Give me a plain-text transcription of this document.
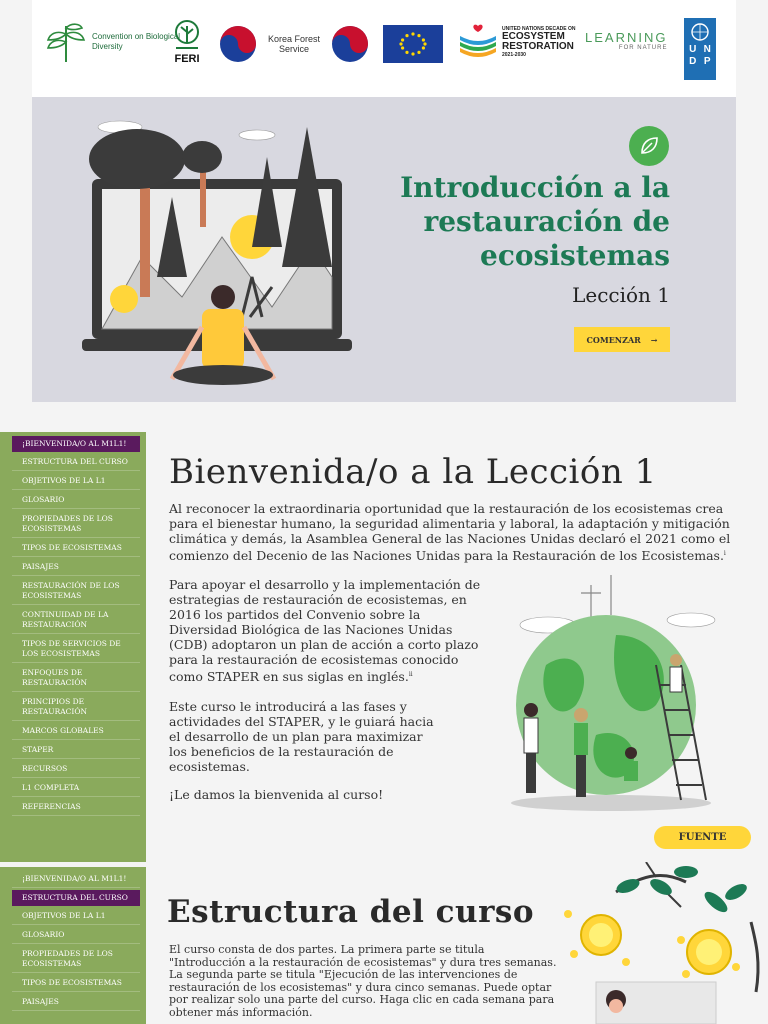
Convention on Biological Diversity
FERI
Korea Forest Service
UNITED NATIONS DECADE ON
ECOSYSTEM
RESTORATION
2021-2030
LEARNING
FOR NATURE	U N
D P
Introducción a la restauración de ecosistemas
Lección 1
COMENZAR →
¡BIENVENIDA/O AL M1L1!
ESTRUCTURA DEL CURSO
OBJETIVOS DE LA L1
GLOSARIO
PROPIEDADES DE LOS ECOSISTEMAS
TIPOS DE ECOSISTEMAS
PAISAJES
RESTAURACIÓN DE LOS ECOSISTEMAS
CONTINUIDAD DE LA RESTAURACIÓN
TIPOS DE SERVICIOS DE LOS ECOSISTEMAS
ENFOQUES DE RESTAURACIÓN
PRINCIPIOS DE RESTAURACIÓN
MARCOS GLOBALES
STAPER
RECURSOS
L1 COMPLETA
REFERENCIAS
Bienvenida/o a la Lección 1

Al reconocer la extraordinaria oportunidad que la restauración de los ecosistemas crea para el bienestar humano, la seguridad alimentaria y laboral, la adaptación y mitigación climática y demás, la Asamblea General de las Naciones Unidas declaró el 2021 como el comienzo del Decenio de las Naciones Unidas para la Restauración de los Ecosistemas.$^i$

Para apoyar el desarrollo y la implementación de estrategias de restauración de ecosistemas, en 2016 los partidos del Convenio sobre la Diversidad Biológica de las Naciones Unidas (CDB) adoptaron un plan de acción a corto plazo para la restauración de ecosistemas conocido como STAPER en sus siglas en inglés.$^{ii}$

Este curso le introducirá a las fases y actividades del STAPER, y le guiará hacia el desarrollo de un plan para maximizar los beneficios de la restauración de ecosistemas.

¡Le damos la bienvenida al curso!

FUENTE
¡BIENVENIDA/O AL M1L1!
ESTRUCTURA DEL CURSO
OBJETIVOS DE LA L1
GLOSARIO
PROPIEDADES DE LOS ECOSISTEMAS
TIPOS DE ECOSISTEMAS
PAISAJES
Estructura del curso

El curso consta de dos partes. La primera parte se titula "Introducción a la restauración de ecosistemas" y dura tres semanas. La segunda parte se titula "Ejecución de las intervenciones de restauración de los ecosistemas" y dura cinco semanas. Puede optar por realizar solo una parte del curso. Haga clic en cada semana para obtener más información.
